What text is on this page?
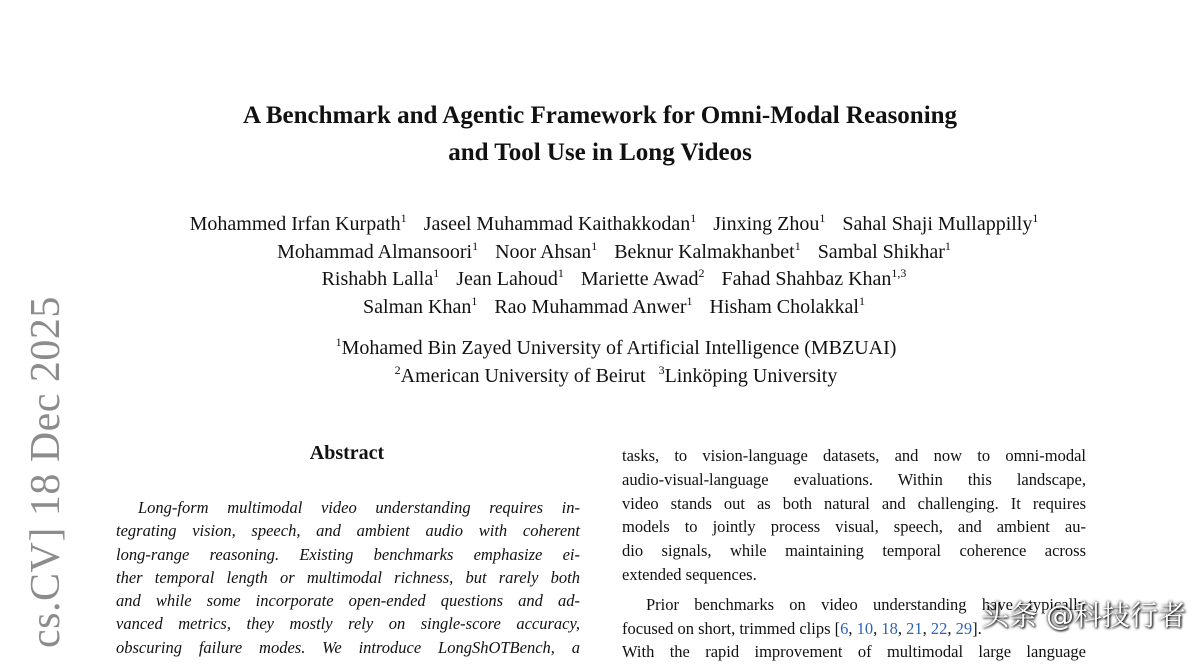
cs.CV] 18 Dec 2025
A Benchmark and Agentic Framework for Omni-Modal Reasoning
and Tool Use in Long Videos
Mohammed Irfan Kurpath$^1$ Jaseel Muhammad Kaithakkodan$^1$ Jinxing Zhou$^1$ Sahal Shaji Mullappilly$^1$
Mohammad Almansoori$^1$ Noor Ahsan$^1$ Beknur Kalmakhanbet$^1$ Sambal Shikhar$^1$
Rishabh Lalla$^1$ Jean Lahoud$^1$ Mariette Awad$^2$ Fahad Shahbaz Khan$^{1,3}$
Salman Khan$^1$ Rao Muhammad Anwer$^1$ Hisham Cholakkal$^1$
$^1$Mohamed Bin Zayed University of Artificial Intelligence (MBZUAI)
$^2$American University of Beirut $^3$Linköping University
Abstract
Long-form multimodal video understanding requires in-
tegrating vision, speech, and ambient audio with coherent
long-range reasoning. Existing benchmarks emphasize ei-
ther temporal length or multimodal richness, but rarely both
and while some incorporate open-ended questions and ad-
vanced metrics, they mostly rely on single-score accuracy,
obscuring failure modes. We introduce LongShOTBench, a
tasks, to vision-language datasets, and now to omni-modal
audio-visual-language evaluations. Within this landscape,
video stands out as both natural and challenging. It requires
models to jointly process visual, speech, and ambient au-
dio signals, while maintaining temporal coherence across
extended sequences.
Prior benchmarks on video understanding have typically
focused on short, trimmed clips [6, 10, 18, 21, 22, 29].
With the rapid improvement of multimodal large language
头条 @科技行者
